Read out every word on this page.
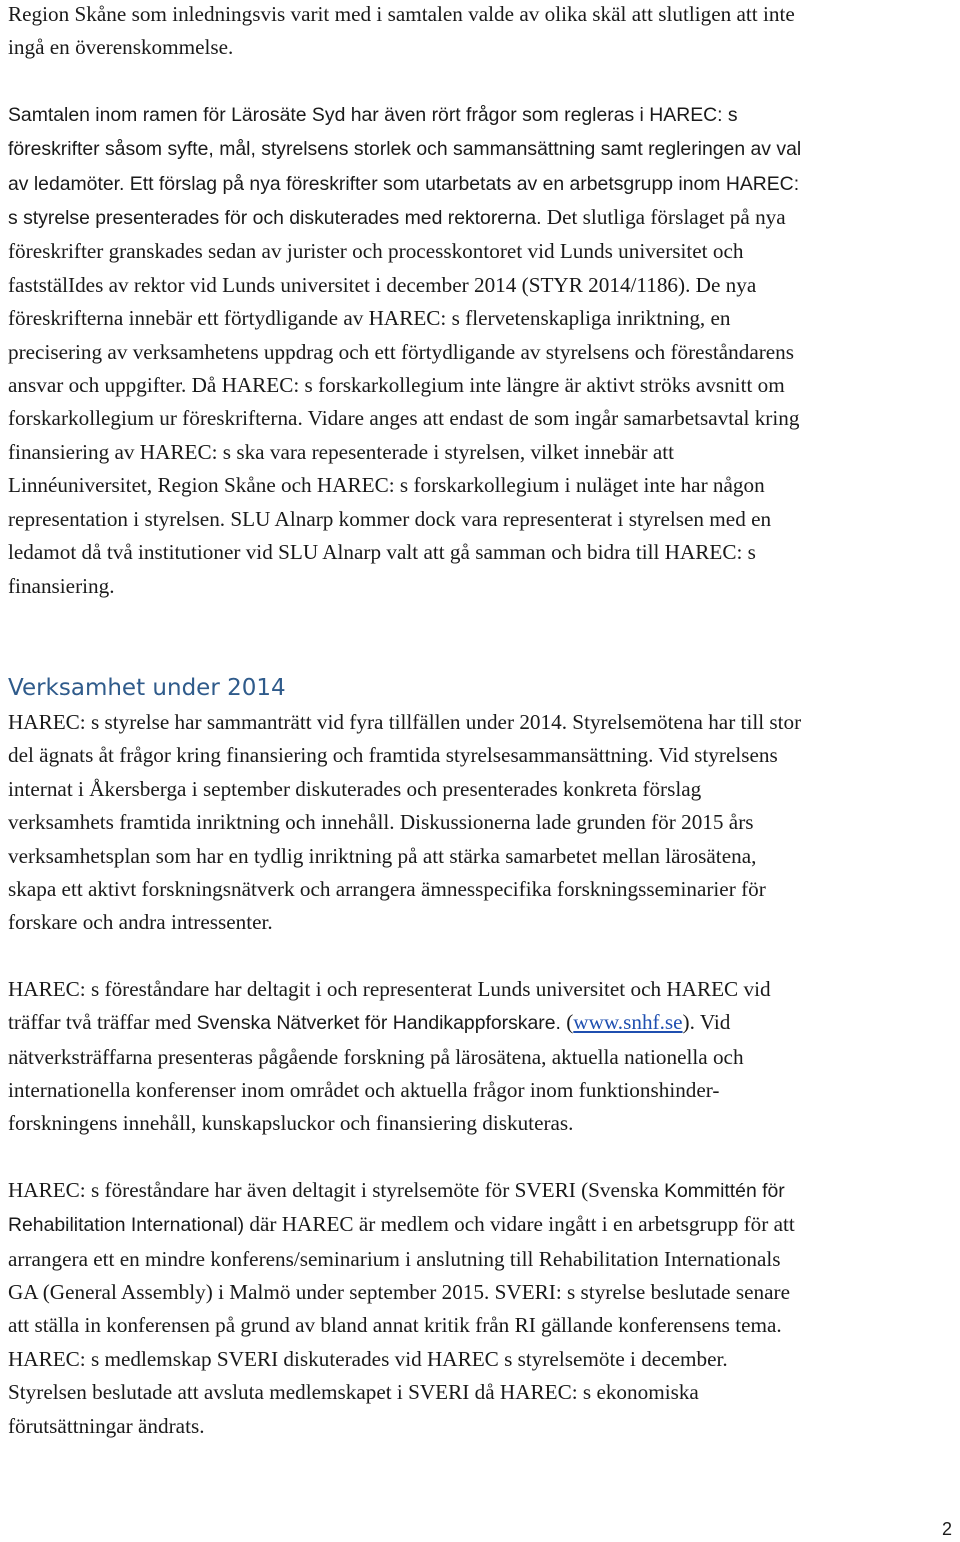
Region Skåne som inledningsvis varit med i samtalen valde av olika skäl att slutligen att inte
ingå en överenskommelse.

Samtalen inom ramen för Lärosäte Syd har även rört frågor som regleras i HAREC: s
föreskrifter såsom syfte, mål, styrelsens storlek och sammansättning samt regleringen av val
av ledamöter. Ett förslag på nya föreskrifter som utarbetats av en arbetsgrupp inom HAREC:
s styrelse presenterades för och diskuterades med rektorerna. Det slutliga förslaget på nya
föreskrifter granskades sedan av jurister och processkontoret vid Lunds universitet och
faststälIdes av rektor vid Lunds universitet i december 2014 (STYR 2014/1186). De nya
föreskrifterna innebär ett förtydligande av HAREC: s flervetenskapliga inriktning, en
precisering av verksamhetens uppdrag och ett förtydligande av styrelsens och föreståndarens
ansvar och uppgifter. Då HAREC: s forskarkollegium inte längre är aktivt ströks avsnitt om
forskarkollegium ur föreskrifterna. Vidare anges att endast de som ingår samarbetsavtal kring
finansiering av HAREC: s ska vara repesenterade i styrelsen, vilket innebär att
Linnéuniversitet, Region Skåne och HAREC: s forskarkollegium i nuläget inte har någon
representation i styrelsen. SLU Alnarp kommer dock vara representerat i styrelsen med en
ledamot då två institutioner vid SLU Alnarp valt att gå samman och bidra till HAREC: s
finansiering.

Verksamhet under 2014

HAREC: s styrelse har sammanträtt vid fyra tillfällen under 2014. Styrelsemötena har till stor
del ägnats åt frågor kring finansiering och framtida styrelsesammansättning. Vid styrelsens
internat i Åkersberga i september diskuterades och presenterades konkreta förslag
verksamhets framtida inriktning och innehåll. Diskussionerna lade grunden för 2015 års
verksamhetsplan som har en tydlig inriktning på att stärka samarbetet mellan lärosätena,
skapa ett aktivt forskningsnätverk och arrangera ämnesspecifika forskningsseminarier för
forskare och andra intressenter.

HAREC: s föreståndare har deltagit i och representerat Lunds universitet och HAREC vid
träffar två träffar med Svenska Nätverket för Handikappforskare. (www.snhf.se). Vid
nätverksträffarna presenteras pågående forskning på lärosätena, aktuella nationella och
internationella konferenser inom området och aktuella frågor inom funktionshinder-
forskningens innehåll, kunskapsluckor och finansiering diskuteras.

HAREC: s föreståndare har även deltagit i styrelsemöte för SVERI (Svenska Kommittén för
Rehabilitation International) där HAREC är medlem och vidare ingått i en arbetsgrupp för att
arrangera ett en mindre konferens/seminarium i anslutning till Rehabilitation Internationals
GA (General Assembly) i Malmö under september 2015. SVERI: s styrelse beslutade senare
att ställa in konferensen på grund av bland annat kritik från RI gällande konferensens tema.
HAREC: s medlemskap SVERI diskuterades vid HAREC s styrelsemöte i december.
Styrelsen beslutade att avsluta medlemskapet i SVERI då HAREC: s ekonomiska
förutsättningar ändrats.

2
